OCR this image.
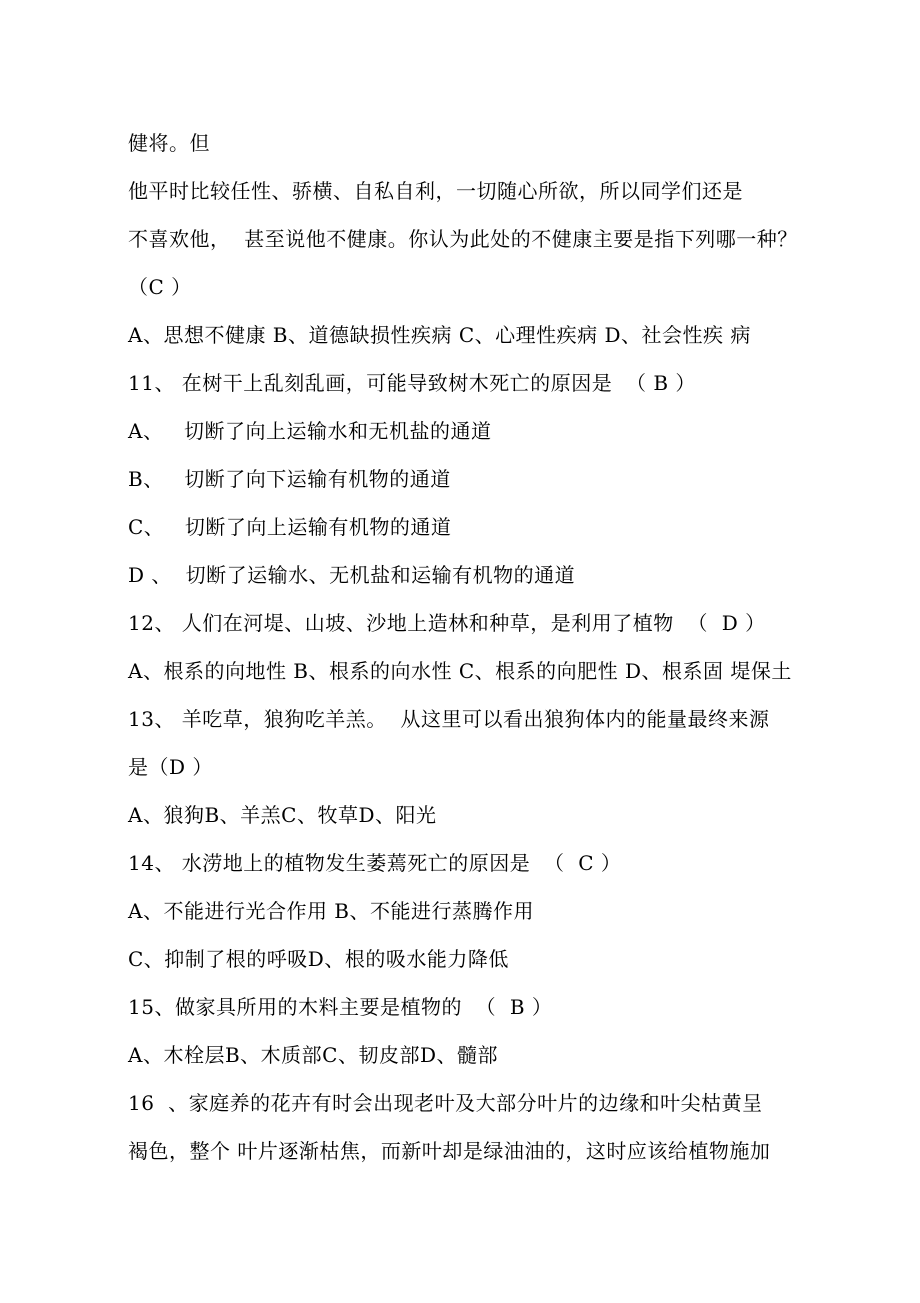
健将。但
他平时比较任性、骄横、自私自利，一切随心所欲，所以同学们还是
不喜欢他，  甚至说他不健康。你认为此处的不健康主要是指下列哪一种？
（C ）
A、思想不健康 B、道德缺损性疾病 C、心理性疾病 D、社会性疾 病
11、 在树干上乱刻乱画，可能导致树木死亡的原因是  （ B ）
A、   切断了向上运输水和无机盐的通道
B、   切断了向下运输有机物的通道
C、   切断了向上运输有机物的通道
D 、  切断了运输水、无机盐和运输有机物的通道
12、 人们在河堤、山坡、沙地上造林和种草，是利用了植物  （  D ）
A、根系的向地性 B、根系的向水性 C、根系的向肥性 D、根系固 堤保土
13、 羊吃草，狼狗吃羊羔。  从这里可以看出狼狗体内的能量最终来源
是（D ）
A、狼狗B、羊羔C、牧草D、阳光
14、 水涝地上的植物发生萎蔫死亡的原因是  （  C ）
A、不能进行光合作用 B、不能进行蒸腾作用
C、抑制了根的呼吸D、根的吸水能力降低
15、做家具所用的木料主要是植物的  （  B ）
A、木栓层B、木质部C、韧皮部D、髓部
16  、家庭养的花卉有时会出现老叶及大部分叶片的边缘和叶尖枯黄呈
褐色，整个 叶片逐渐枯焦，而新叶却是绿油油的，这时应该给植物施加
